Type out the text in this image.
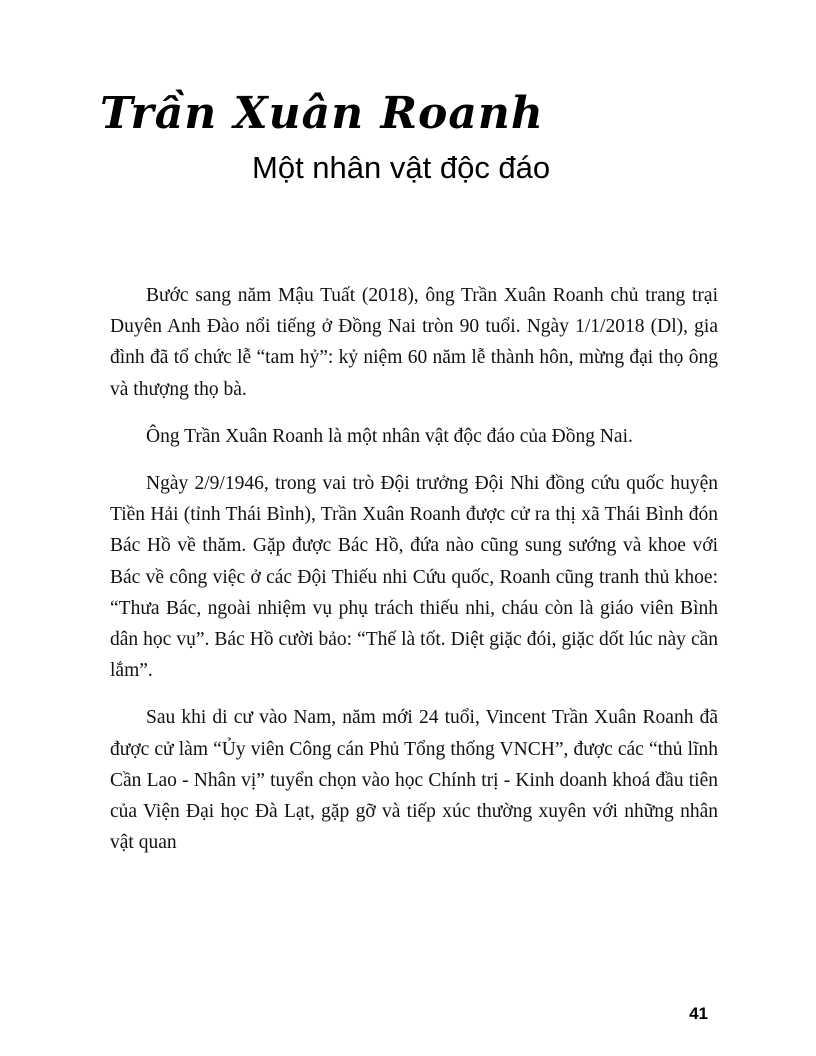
Trần Xuân Roanh
Một nhân vật độc đáo

Bước sang năm Mậu Tuất (2018), ông Trần Xuân Roanh chủ trang trại Duyên Anh Đào nổi tiếng ở Đồng Nai tròn 90 tuổi. Ngày 1/1/2018 (Dl), gia đình đã tổ chức lễ “tam hỷ”: kỷ niệm 60 năm lễ thành hôn, mừng đại thọ ông và thượng thọ bà.

Ông Trần Xuân Roanh là một nhân vật độc đáo của Đồng Nai.

Ngày 2/9/1946, trong vai trò Đội trưởng Đội Nhi đồng cứu quốc huyện Tiền Hải (tỉnh Thái Bình), Trần Xuân Roanh được cử ra thị xã Thái Bình đón Bác Hồ về thăm. Gặp được Bác Hồ, đứa nào cũng sung sướng và khoe với Bác về công việc ở các Đội Thiếu nhi Cứu quốc, Roanh cũng tranh thủ khoe: “Thưa Bác, ngoài nhiệm vụ phụ trách thiếu nhi, cháu còn là giáo viên Bình dân học vụ”. Bác Hồ cười bảo: “Thế là tốt. Diệt giặc đói, giặc dốt lúc này cần lắm”.

Sau khi di cư vào Nam, năm mới 24 tuổi, Vincent Trần Xuân Roanh đã được cử làm “Ủy viên Công cán Phủ Tổng thống VNCH”, được các “thủ lĩnh Cần Lao - Nhân vị” tuyển chọn vào học Chính trị - Kinh doanh khoá đầu tiên của Viện Đại học Đà Lạt, gặp gỡ và tiếp xúc thường xuyên với những nhân vật quan

41
